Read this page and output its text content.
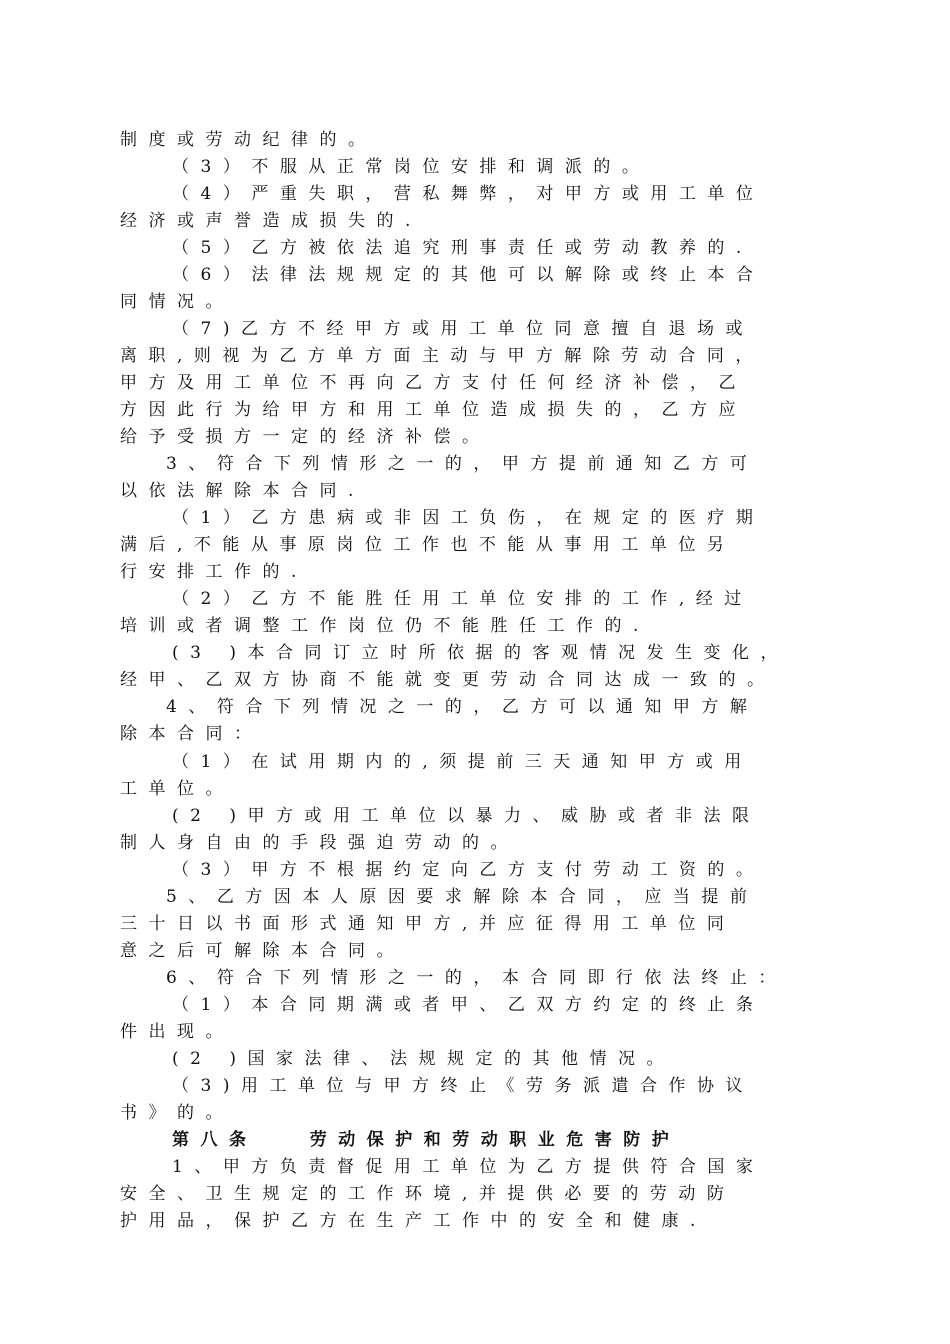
制度或劳动纪律的。
（3）不服从正常岗位安排和调派的。
（4）严重失职，营私舞弊，对甲方或用工单位
经济或声誉造成损失的.
（5）乙方被依法追究刑事责任或劳动教养的.
（6）法律法规规定的其他可以解除或终止本合
同情况。
（7)乙方不经甲方或用工单位同意擅自退场或
离职,则视为乙方单方面主动与甲方解除劳动合同，
甲方及用工单位不再向乙方支付任何经济补偿，乙
方因此行为给甲方和用工单位造成损失的，乙方应
给予受损方一定的经济补偿。
3、符合下列情形之一的，甲方提前通知乙方可
以依法解除本合同.
（1）乙方患病或非因工负伤，在规定的医疗期
满后,不能从事原岗位工作也不能从事用工单位另
行安排工作的.
（2）乙方不能胜任用工单位安排的工作,经过
培训或者调整工作岗位仍不能胜任工作的.
(3 )本合同订立时所依据的客观情况发生变化，
经甲、乙双方协商不能就变更劳动合同达成一致的。
4、符合下列情况之一的，乙方可以通知甲方解
除本合同：
（1）在试用期内的,须提前三天通知甲方或用
工单位。
(2 )甲方或用工单位以暴力、威胁或者非法限
制人身自由的手段强迫劳动的。
（3）甲方不根据约定向乙方支付劳动工资的。
5、乙方因本人原因要求解除本合同，应当提前
三十日以书面形式通知甲方,并应征得用工单位同
意之后可解除本合同。
6、符合下列情形之一的，本合同即行依法终止：
（1）本合同期满或者甲、乙双方约定的终止条
件出现。
(2 )国家法律、法规规定的其他情况。
（3)用工单位与甲方终止《劳务派遣合作协议
书》的。
第八条   劳动保护和劳动职业危害防护
1、甲方负责督促用工单位为乙方提供符合国家
安全、卫生规定的工作环境,并提供必要的劳动防
护用品，保护乙方在生产工作中的安全和健康.
